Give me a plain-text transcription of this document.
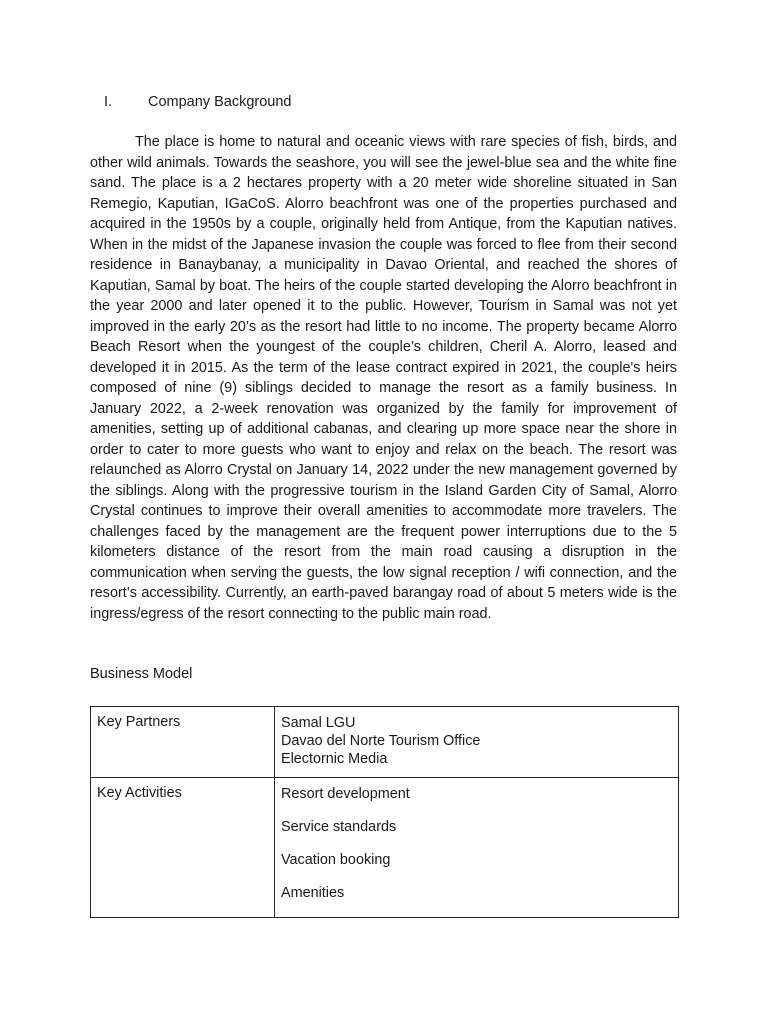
I. Company Background

The place is home to natural and oceanic views with rare species of fish, birds, and other wild animals. Towards the seashore, you will see the jewel-blue sea and the white fine sand. The place is a 2 hectares property with a 20 meter wide shoreline situated in San Remegio, Kaputian, IGaCoS. Alorro beachfront was one of the properties purchased and acquired in the 1950s by a couple, originally held from Antique, from the Kaputian natives. When in the midst of the Japanese invasion the couple was forced to flee from their second residence in Banaybanay, a municipality in Davao Oriental, and reached the shores of Kaputian, Samal by boat. The heirs of the couple started developing the Alorro beachfront in the year 2000 and later opened it to the public. However, Tourism in Samal was not yet improved in the early 20’s as the resort had little to no income. The property became Alorro Beach Resort when the youngest of the couple’s children, Cheril A. Alorro, leased and developed it in 2015. As the term of the lease contract expired in 2021, the couple's heirs composed of nine (9) siblings decided to manage the resort as a family business. In January 2022, a 2-week renovation was organized by the family for improvement of amenities, setting up of additional cabanas, and clearing up more space near the shore in order to cater to more guests who want to enjoy and relax on the beach. The resort was relaunched as Alorro Crystal on January 14, 2022 under the new management governed by the siblings. Along with the progressive tourism in the Island Garden City of Samal, Alorro Crystal continues to improve their overall amenities to accommodate more travelers. The challenges faced by the management are the frequent power interruptions due to the 5 kilometers distance of the resort from the main road causing a disruption in the communication when serving the guests, the low signal reception / wifi connection, and the resort’s accessibility. Currently, an earth-paved barangay road of about 5 meters wide is the ingress/egress of the resort connecting to the public main road.

Business Model
Key Partners	Samal LGU
Davao del Norte Tourism Office
Electornic Media

Key Activities	Resort development
Service standards
Vacation booking
Amenities
